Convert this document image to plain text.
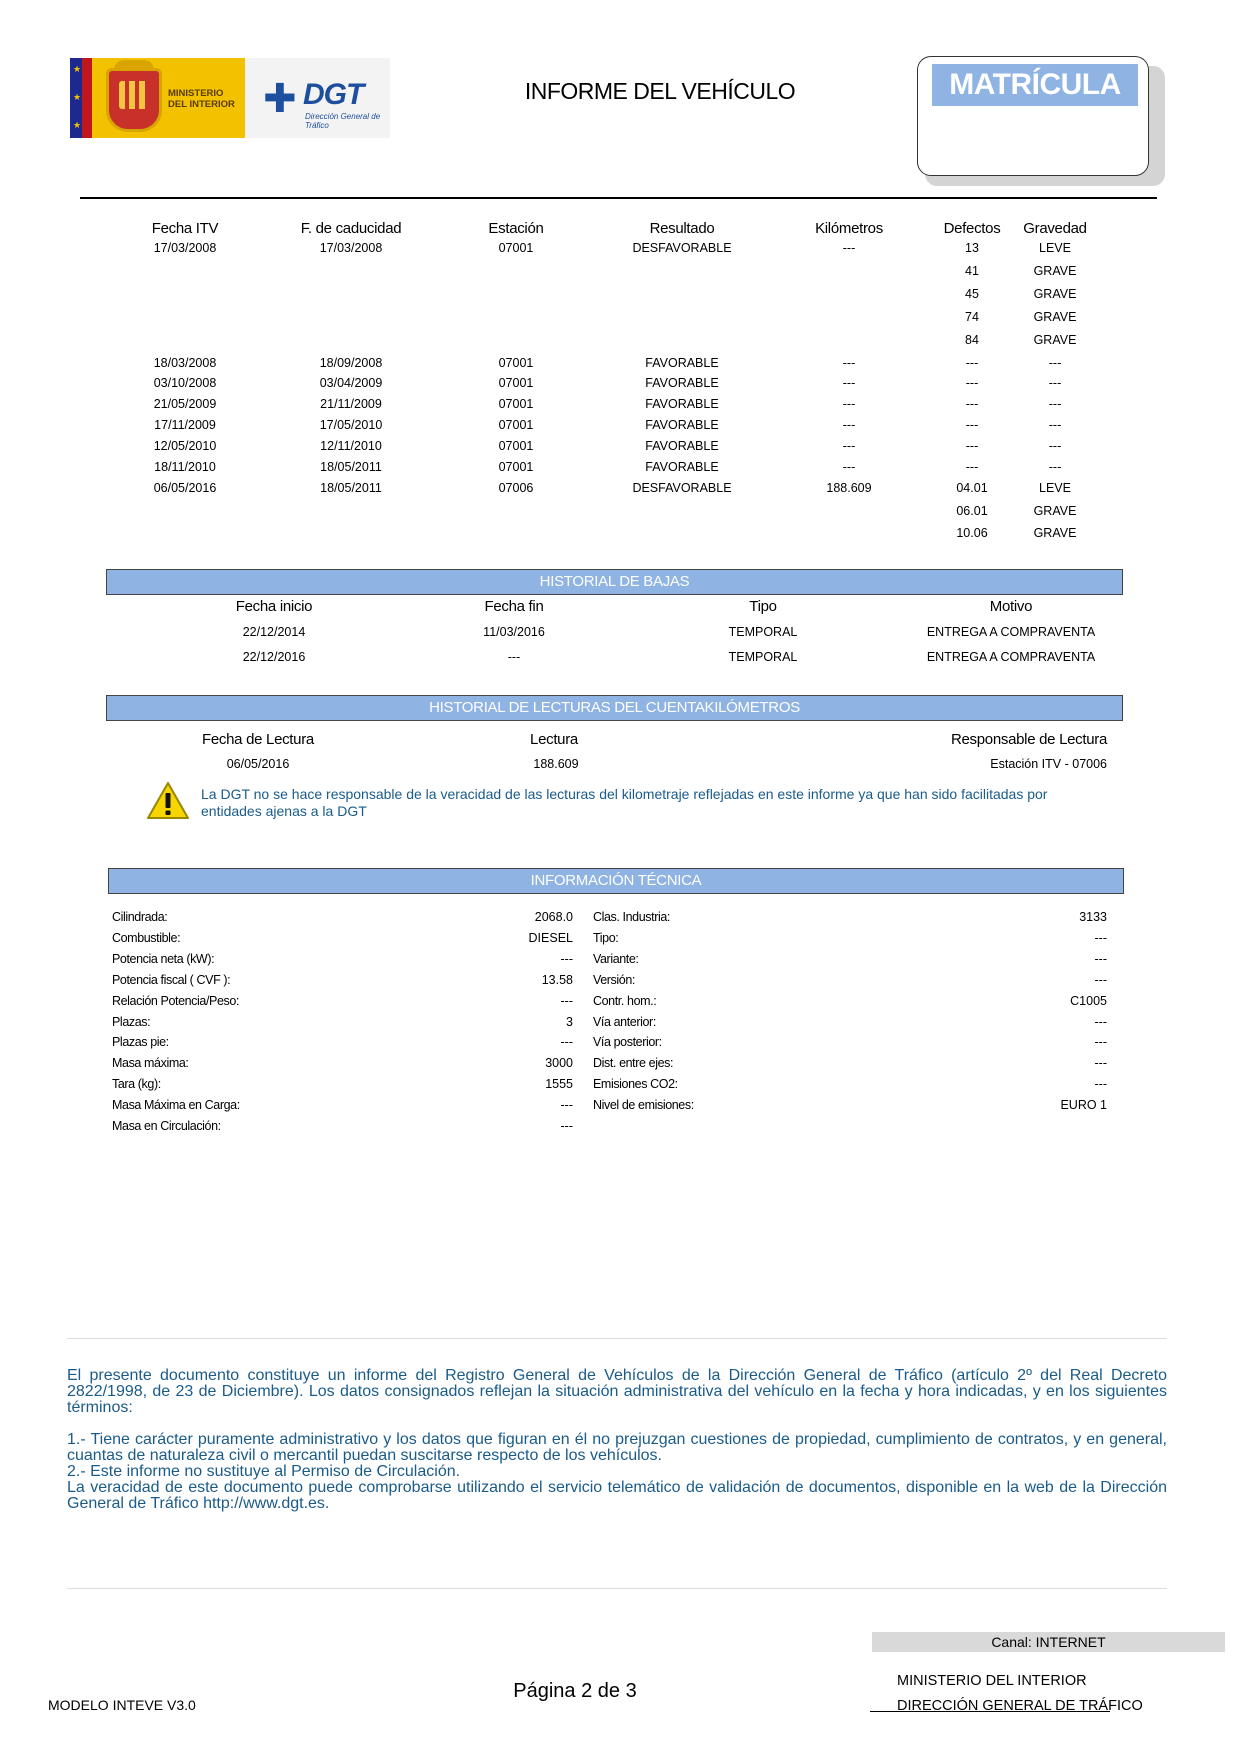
★
★
★
MINISTERIO DEL INTERIOR ✚ DGT
Dirección General de Tráfico
INFORME DEL VEHÍCULO	MATRÍCULA
Fecha ITV	F. de caducidad	Estación	Resultado	Kilómetros	Defectos	Gravedad
17/03/2008	17/03/2008	07001	DESFAVORABLE	---	13	LEVE
41	GRAVE
45	GRAVE
74	GRAVE
84	GRAVE
18/03/2008	18/09/2008	07001	FAVORABLE	---	---	---
03/10/2008	03/04/2009	07001	FAVORABLE	---	---	---
21/05/2009	21/11/2009	07001	FAVORABLE	---	---	---
17/11/2009	17/05/2010	07001	FAVORABLE	---	---	---
12/05/2010	12/11/2010	07001	FAVORABLE	---	---	---
18/11/2010	18/05/2011	07001	FAVORABLE	---	---	---
06/05/2016	18/05/2011	07006	DESFAVORABLE	188.609	04.01	LEVE
06.01	GRAVE
10.06	GRAVE
HISTORIAL DE BAJAS
Fecha inicio	Fecha fin	Tipo	Motivo
22/12/2014	11/03/2016	TEMPORAL	ENTREGA A COMPRAVENTA
22/12/2016	---	TEMPORAL	ENTREGA A COMPRAVENTA
HISTORIAL DE LECTURAS DEL CUENTAKILÓMETROS
Fecha de Lectura	Lectura	Responsable de Lectura
06/05/2016	188.609	Estación ITV - 07006
La DGT no se hace responsable de la veracidad de las lecturas del kilometraje reflejadas en este informe ya que han sido facilitadas por entidades ajenas a la DGT
INFORMACIÓN TÉCNICA
Cilindrada:	2068.0
Combustible:	DIESEL
Potencia neta (kW):	---
Potencia fiscal ( CVF ):	13.58
Relación Potencia/Peso:	---
Plazas:	3
Plazas pie:	---
Masa máxima:	3000
Tara (kg):	1555
Masa Máxima en Carga:	---
Masa en Circulación:	---
Clas. Industria:	3133
Tipo:	---
Variante:	---
Versión:	---
Contr. hom.:	C1005
Vía anterior:	---
Vía posterior:	---
Dist. entre ejes:	---
Emisiones CO2:	---
Nivel de emisiones:	EURO 1
El presente documento constituye un informe del Registro General de Vehículos de la Dirección General de Tráfico (artículo 2º del Real Decreto 2822/1998, de 23 de Diciembre). Los datos consignados reflejan la situación administrativa del vehículo en la fecha y hora indicadas, y en los siguientes términos:
1.- Tiene carácter puramente administrativo y los datos que figuran en él no prejuzgan cuestiones de propiedad, cumplimiento de contratos, y en general, cuantas de naturaleza civil o mercantil puedan suscitarse respecto de los vehículos.
2.- Este informe no sustituye al Permiso de Circulación.
La veracidad de este documento puede comprobarse utilizando el servicio telemático de validación de documentos, disponible en la web de la Dirección General de Tráfico http://www.dgt.es.
Canal: INTERNET
MODELO INTEVE V3.0
Página 2 de 3	MINISTERIO DEL INTERIOR
DIRECCIÓN GENERAL DE TRÁFICO
